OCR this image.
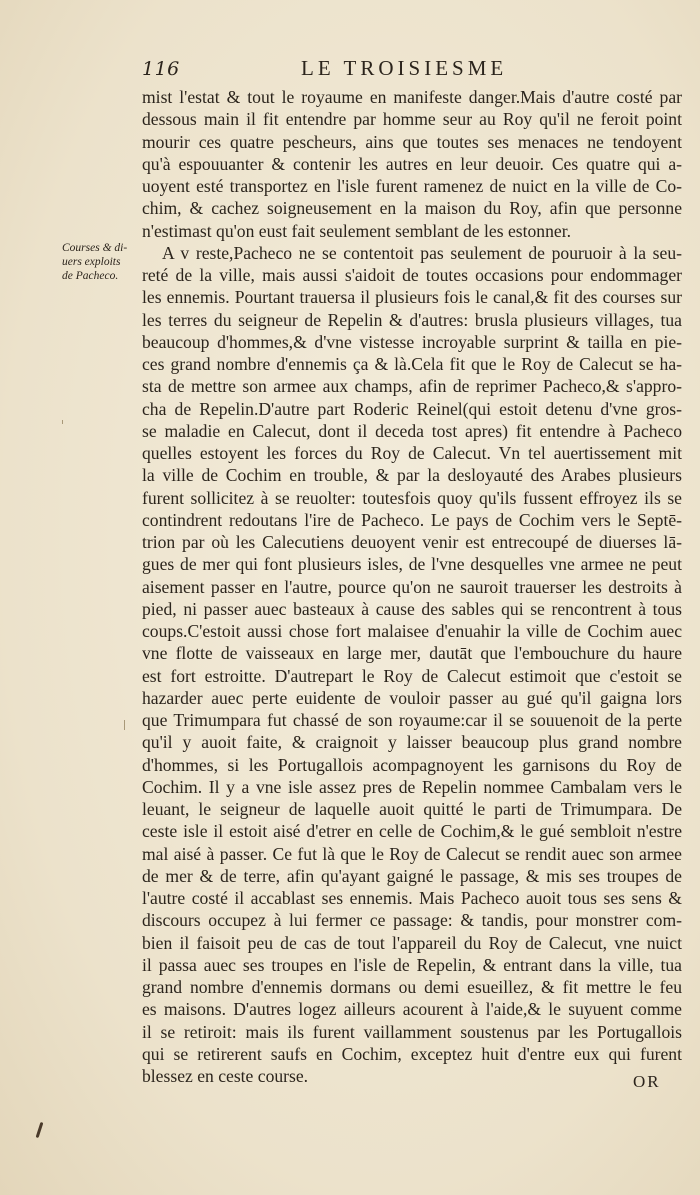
116	LE TROISIESME
Courses & di-
uers exploits
de Pacheco.
mist l'estat & tout le royaume en manifeste danger.Mais d'autre costé par
dessous main il fit entendre par homme seur au Roy qu'il ne feroit point
mourir ces quatre pescheurs, ains que toutes ses menaces ne tendoyent
qu'à espouuanter & contenir les autres en leur deuoir. Ces quatre qui a-
uoyent esté transportez en l'isle furent ramenez de nuict en la ville de Co-
chim, & cachez soigneusement en la maison du Roy, afin que personne
n'estimast qu'on eust fait seulement semblant de les estonner.
A v reste,Pacheco ne se contentoit pas seulement de pouruoir à la seu-
reté de la ville, mais aussi s'aidoit de toutes occasions pour endommager
les ennemis. Pourtant trauersa il plusieurs fois le canal,& fit des courses sur
les terres du seigneur de Repelin & d'autres: brusla plusieurs villages, tua
beaucoup d'hommes,& d'vne vistesse incroyable surprint & tailla en pie-
ces grand nombre d'ennemis ça & là.Cela fit que le Roy de Calecut se ha-
sta de mettre son armee aux champs, afin de reprimer Pacheco,& s'appro-
cha de Repelin.D'autre part Roderic Reinel(qui estoit detenu d'vne gros-
se maladie en Calecut, dont il deceda tost apres) fit entendre à Pacheco
quelles estoyent les forces du Roy de Calecut. Vn tel auertissement mit
la ville de Cochim en trouble, & par la desloyauté des Arabes plusieurs
furent sollicitez à se reuolter: toutesfois quoy qu'ils fussent effroyez ils se
contindrent redoutans l'ire de Pacheco. Le pays de Cochim vers le Septē-
trion par où les Calecutiens deuoyent venir est entrecoupé de diuerses lā-
gues de mer qui font plusieurs isles, de l'vne desquelles vne armee ne peut
aisement passer en l'autre, pource qu'on ne sauroit trauerser les destroits à
pied, ni passer auec basteaux à cause des sables qui se rencontrent à tous
coups.C'estoit aussi chose fort malaisee d'enuahir la ville de Cochim auec
vne flotte de vaisseaux en large mer, dautāt que l'embouchure du haure
est fort estroitte. D'autrepart le Roy de Calecut estimoit que c'estoit se
hazarder auec perte euidente de vouloir passer au gué qu'il gaigna lors
que Trimumpara fut chassé de son royaume:car il se souuenoit de la perte
qu'il y auoit faite, & craignoit y laisser beaucoup plus grand nombre
d'hommes, si les Portugallois acompagnoyent les garnisons du Roy de
Cochim. Il y a vne isle assez pres de Repelin nommee Cambalam vers le
leuant, le seigneur de laquelle auoit quitté le parti de Trimumpara. De
ceste isle il estoit aisé d'etrer en celle de Cochim,& le gué sembloit n'estre
mal aisé à passer. Ce fut là que le Roy de Calecut se rendit auec son armee
de mer & de terre, afin qu'ayant gaigné le passage, & mis ses troupes de
l'autre costé il accablast ses ennemis. Mais Pacheco auoit tous ses sens &
discours occupez à lui fermer ce passage: & tandis, pour monstrer com-
bien il faisoit peu de cas de tout l'appareil du Roy de Calecut, vne nuict
il passa auec ses troupes en l'isle de Repelin, & entrant dans la ville, tua
grand nombre d'ennemis dormans ou demi esueillez, & fit mettre le feu
es maisons. D'autres logez ailleurs acourent à l'aide,& le suyuent comme
il se retiroit: mais ils furent vaillamment soustenus par les Portugallois
qui se retirerent saufs en Cochim, exceptez huit d'entre eux qui furent
blessez en ceste course.	OR
